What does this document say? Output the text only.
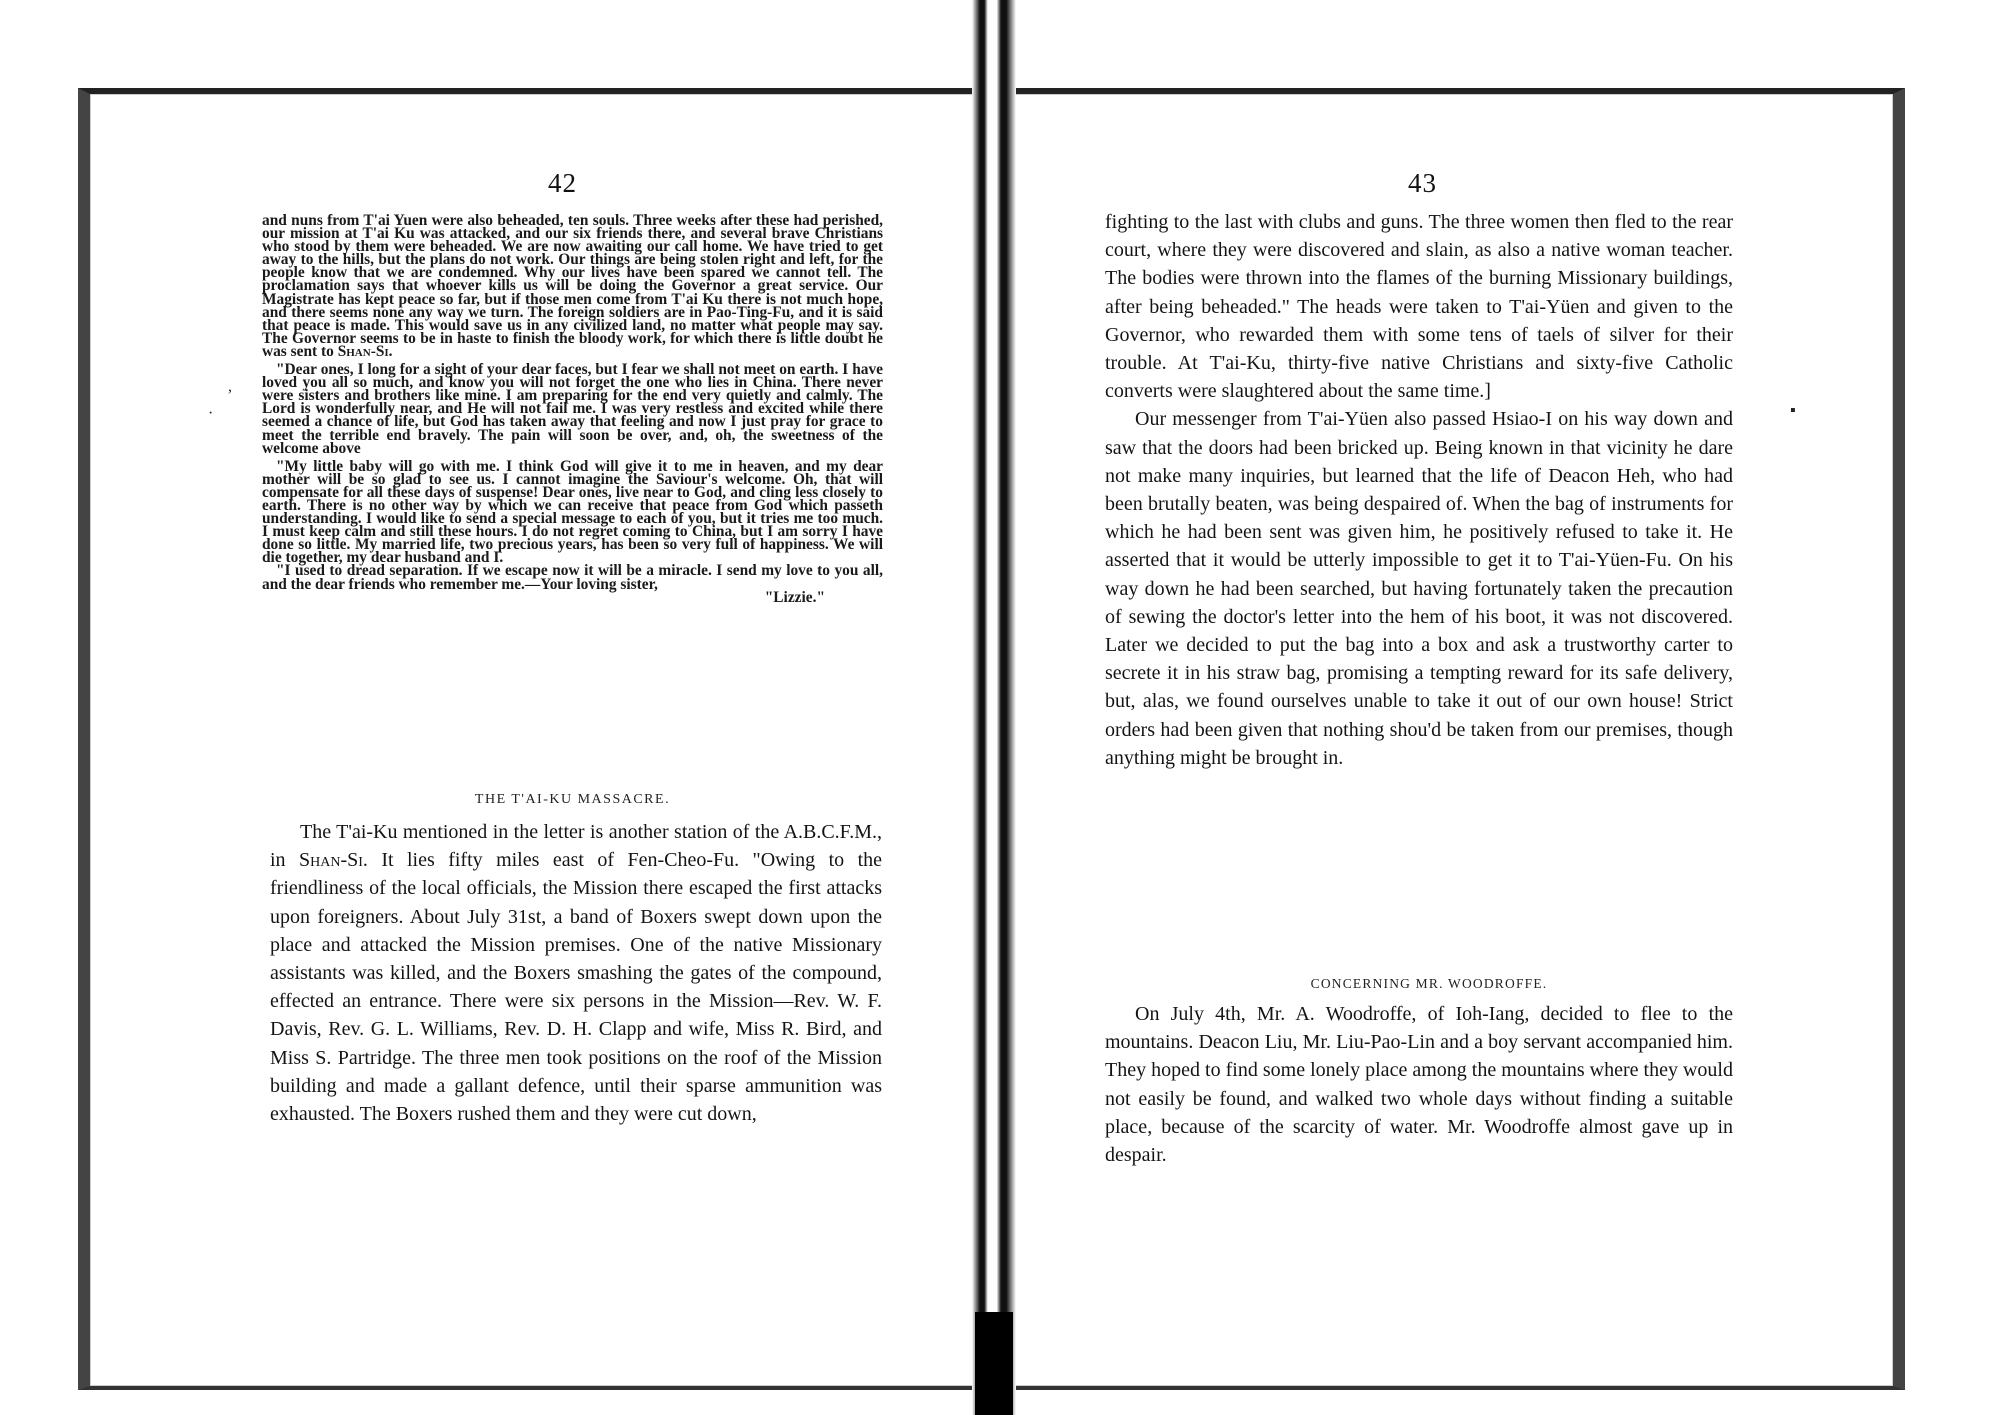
,
·	▪
42	43

and nuns from T'ai Yuen were also beheaded, ten souls. Three weeks after these had perished, our mission at T'ai Ku was attacked, and our six friends there, and several brave Christians who stood by them were beheaded. We are now awaiting our call home. We have tried to get away to the hills, but the plans do not work. Our things are being stolen right and left, for the people know that we are condemned. Why our lives have been spared we cannot tell. The proclamation says that whoever kills us will be doing the Governor a great service. Our Magistrate has kept peace so far, but if those men come from T'ai Ku there is not much hope, and there seems none any way we turn. The foreign soldiers are in Pao-Ting-Fu, and it is said that peace is made. This would save us in any civilized land, no matter what people may say. The Governor seems to be in haste to finish the bloody work, for which there is little doubt he was sent to Shan-Si.

"Dear ones, I long for a sight of your dear faces, but I fear we shall not meet on earth. I have loved you all so much, and know you will not forget the one who lies in China. There never were sisters and brothers like mine. I am preparing for the end very quietly and calmly. The Lord is wonderfully near, and He will not fail me. I was very restless and excited while there seemed a chance of life, but God has taken away that feeling and now I just pray for grace to meet the terrible end bravely. The pain will soon be over, and, oh, the sweetness of the welcome above

"My little baby will go with me. I think God will give it to me in heaven, and my dear mother will be so glad to see us. I cannot imagine the Saviour's welcome. Oh, that will compensate for all these days of suspense! Dear ones, live near to God, and cling less closely to earth. There is no other way by which we can receive that peace from God which passeth understanding. I would like to send a special message to each of you, but it tries me too much. I must keep calm and still these hours. I do not regret coming to China, but I am sorry I have done so little. My married life, two precious years, has been so very full of happiness. We will die together, my dear husband and I.

"I used to dread separation. If we escape now it will be a miracle. I send my love to you all, and the dear friends who remember me.—Your loving sister,

"Lizzie."

THE T'AI-KU MASSACRE.

The T'ai-Ku mentioned in the letter is another station of the A.B.C.F.M., in Shan-Si. It lies fifty miles east of Fen-Cheo-Fu. "Owing to the friendliness of the local officials, the Mission there escaped the first attacks upon foreigners. About July 31st, a band of Boxers swept down upon the place and attacked the Mission premises. One of the native Missionary assistants was killed, and the Boxers smashing the gates of the compound, effected an entrance. There were six persons in the Mission—Rev. W. F. Davis, Rev. G. L. Williams, Rev. D. H. Clapp and wife, Miss R. Bird, and Miss S. Partridge. The three men took positions on the roof of the Mission building and made a gallant defence, until their sparse ammunition was exhausted. The Boxers rushed them and they were cut down,

fighting to the last with clubs and guns. The three women then fled to the rear court, where they were discovered and slain, as also a native woman teacher. The bodies were thrown into the flames of the burning Missionary buildings, after being beheaded." The heads were taken to T'ai-Yüen and given to the Governor, who rewarded them with some tens of taels of silver for their trouble. At T'ai-Ku, thirty-five native Christians and sixty-five Catholic converts were slaughtered about the same time.]

Our messenger from T'ai-Yüen also passed Hsiao-I on his way down and saw that the doors had been bricked up. Being known in that vicinity he dare not make many inquiries, but learned that the life of Deacon Heh, who had been brutally beaten, was being despaired of. When the bag of instruments for which he had been sent was given him, he positively refused to take it. He asserted that it would be utterly impossible to get it to T'ai-Yüen-Fu. On his way down he had been searched, but having fortunately taken the precaution of sewing the doctor's letter into the hem of his boot, it was not discovered. Later we decided to put the bag into a box and ask a trustworthy carter to secrete it in his straw bag, promising a tempting reward for its safe delivery, but, alas, we found ourselves unable to take it out of our own house! Strict orders had been given that nothing shou'd be taken from our premises, though anything might be brought in.

CONCERNING MR. WOODROFFE.

On July 4th, Mr. A. Woodroffe, of Ioh-Iang, decided to flee to the mountains. Deacon Liu, Mr. Liu-Pao-Lin and a boy servant accompanied him. They hoped to find some lonely place among the mountains where they would not easily be found, and walked two whole days without finding a suitable place, because of the scarcity of water. Mr. Woodroffe almost gave up in despair.
